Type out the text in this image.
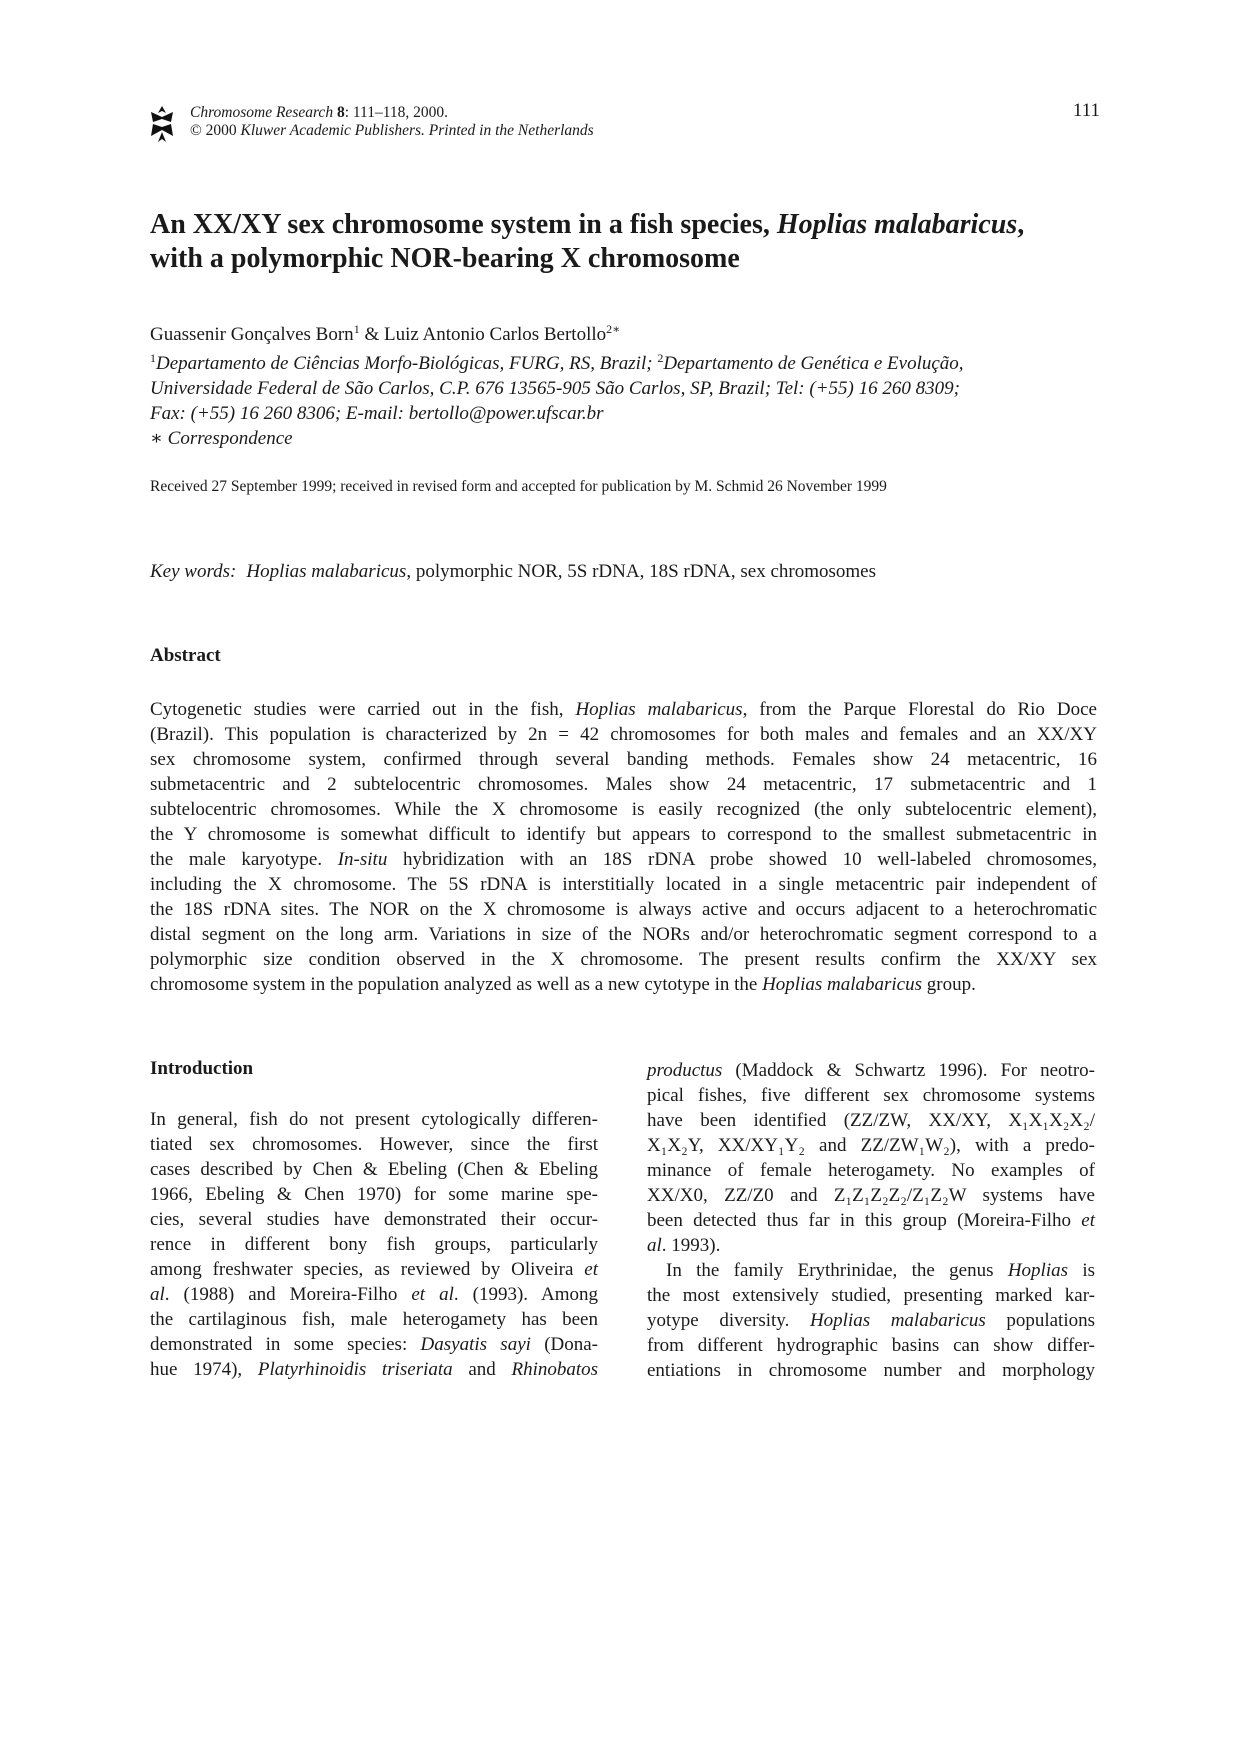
Chromosome Research 8: 111–118, 2000.
© 2000 Kluwer Academic Publishers. Printed in the Netherlands
111
An XX/XY sex chromosome system in a fish species, Hoplias malabaricus,
with a polymorphic NOR-bearing X chromosome
Guassenir Gonçalves Born$^1$ & Luiz Antonio Carlos Bertollo$^{2∗}$
$^1$Departamento de Ciências Morfo-Biológicas, FURG, RS, Brazil; $^2$Departamento de Genética e Evolução,
Universidade Federal de São Carlos, C.P. 676 13565-905 São Carlos, SP, Brazil; Tel: (+55) 16 260 8309;
Fax: (+55) 16 260 8306; E-mail: bertollo@power.ufscar.br
∗ Correspondence
Received 27 September 1999; received in revised form and accepted for publication by M. Schmid 26 November 1999
Key words: Hoplias malabaricus, polymorphic NOR, 5S rDNA, 18S rDNA, sex chromosomes
Abstract
Cytogenetic studies were carried out in the fish, Hoplias malabaricus, from the Parque Florestal do Rio Doce
(Brazil). This population is characterized by 2n = 42 chromosomes for both males and females and an XX/XY
sex chromosome system, confirmed through several banding methods. Females show 24 metacentric, 16
submetacentric and 2 subtelocentric chromosomes. Males show 24 metacentric, 17 submetacentric and 1
subtelocentric chromosomes. While the X chromosome is easily recognized (the only subtelocentric element),
the Y chromosome is somewhat difficult to identify but appears to correspond to the smallest submetacentric in
the male karyotype. In-situ hybridization with an 18S rDNA probe showed 10 well-labeled chromosomes,
including the X chromosome. The 5S rDNA is interstitially located in a single metacentric pair independent of
the 18S rDNA sites. The NOR on the X chromosome is always active and occurs adjacent to a heterochromatic
distal segment on the long arm. Variations in size of the NORs and/or heterochromatic segment correspond to a
polymorphic size condition observed in the X chromosome. The present results confirm the XX/XY sex
chromosome system in the population analyzed as well as a new cytotype in the Hoplias malabaricus group.
Introduction
In general, fish do not present cytologically differen-
tiated sex chromosomes. However, since the first
cases described by Chen & Ebeling (Chen & Ebeling
1966, Ebeling & Chen 1970) for some marine spe-
cies, several studies have demonstrated their occur-
rence in different bony fish groups, particularly
among freshwater species, as reviewed by Oliveira et
al. (1988) and Moreira-Filho et al. (1993). Among
the cartilaginous fish, male heterogamety has been
demonstrated in some species: Dasyatis sayi (Dona-
hue 1974), Platyrhinoidis triseriata and Rhinobatos
productus (Maddock & Schwartz 1996). For neotro-
pical fishes, five different sex chromosome systems
have been identified (ZZ/ZW, XX/XY, X₁X₁X₂X₂/
X₁X₂Y, XX/XY₁Y₂ and ZZ/ZW₁W₂), with a predo-
minance of female heterogamety. No examples of
XX/X0, ZZ/Z0 and Z₁Z₁Z₂Z₂/Z₁Z₂W systems have
been detected thus far in this group (Moreira-Filho et
al. 1993).
In the family Erythrinidae, the genus Hoplias is
the most extensively studied, presenting marked kar-
yotype diversity. Hoplias malabaricus populations
from different hydrographic basins can show differ-
entiations in chromosome number and morphology
